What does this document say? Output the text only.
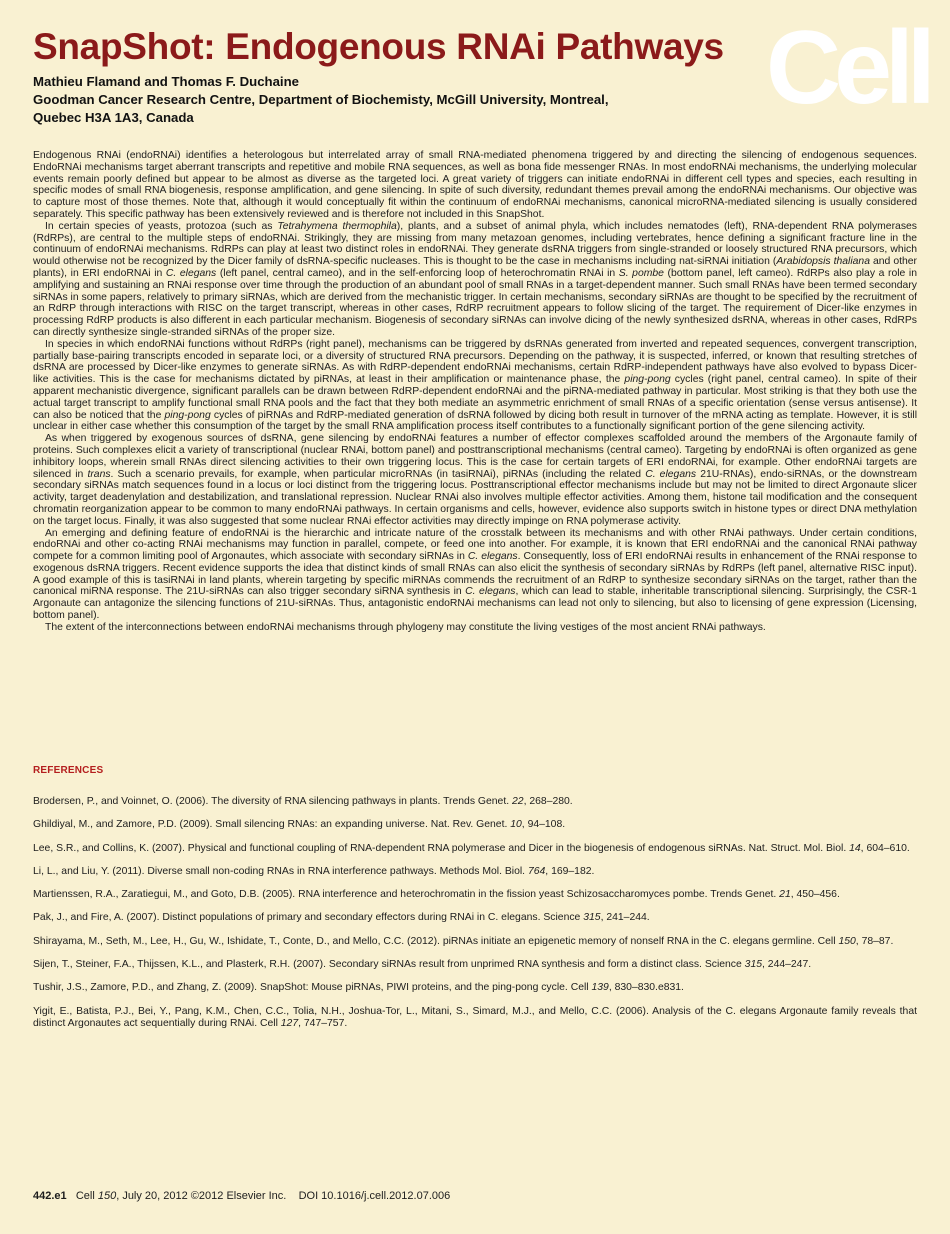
Cell
SnapShot: Endogenous RNAi Pathways
Mathieu Flamand and Thomas F. Duchaine
Goodman Cancer Research Centre, Department of Biochemisty, McGill University, Montreal,
Quebec H3A 1A3, Canada

Endogenous RNAi (endoRNAi) identifies a heterologous but interrelated array of small RNA-mediated phenomena triggered by and directing the silencing of endogenous sequences. EndoRNAi mechanisms target aberrant transcripts and repetitive and mobile RNA sequences, as well as bona fide messenger RNAs. In most endoRNAi mechanisms, the underlying molecular events remain poorly defined but appear to be almost as diverse as the targeted loci. A great variety of triggers can initiate endoRNAi in different cell types and species, each resulting in specific modes of small RNA biogenesis, response amplification, and gene silencing. In spite of such diversity, redundant themes prevail among the endoRNAi mechanisms. Our objective was to capture most of those themes. Note that, although it would conceptually fit within the continuum of endoRNAi mechanisms, canonical microRNA-mediated silencing is usually considered separately. This specific pathway has been extensively reviewed and is therefore not included in this SnapShot.

In certain species of yeasts, protozoa (such as Tetrahymena thermophila), plants, and a subset of animal phyla, which includes nematodes (left), RNA-dependent RNA polymerases (RdRPs), are central to the multiple steps of endoRNAi. Strikingly, they are missing from many metazoan genomes, including vertebrates, hence defining a significant fracture line in the continuum of endoRNAi mechanisms. RdRPs can play at least two distinct roles in endoRNAi. They generate dsRNA triggers from single-stranded or loosely structured RNA precursors, which would otherwise not be recognized by the Dicer family of dsRNA-specific nucleases. This is thought to be the case in mechanisms including nat-siRNAi initiation (Arabidopsis thaliana and other plants), in ERI endoRNAi in C. elegans (left panel, central cameo), and in the self-enforcing loop of heterochromatin RNAi in S. pombe (bottom panel, left cameo). RdRPs also play a role in amplifying and sustaining an RNAi response over time through the production of an abundant pool of small RNAs in a target-dependent manner. Such small RNAs have been termed secondary siRNAs in some papers, relatively to primary siRNAs, which are derived from the mechanistic trigger. In certain mechanisms, secondary siRNAs are thought to be specified by the recruitment of an RdRP through interactions with RISC on the target transcript, whereas in other cases, RdRP recruitment appears to follow slicing of the target. The requirement of Dicer-like enzymes in processing RdRP products is also different in each particular mechanism. Biogenesis of secondary siRNAs can involve dicing of the newly synthesized dsRNA, whereas in other cases, RdRPs can directly synthesize single-stranded siRNAs of the proper size.

In species in which endoRNAi functions without RdRPs (right panel), mechanisms can be triggered by dsRNAs generated from inverted and repeated sequences, convergent transcription, partially base-pairing transcripts encoded in separate loci, or a diversity of structured RNA precursors. Depending on the pathway, it is suspected, inferred, or known that resulting stretches of dsRNA are processed by Dicer-like enzymes to generate siRNAs. As with RdRP-dependent endoRNAi mechanisms, certain RdRP-independent pathways have also evolved to bypass Dicer-like activities. This is the case for mechanisms dictated by piRNAs, at least in their amplification or maintenance phase, the ping-pong cycles (right panel, central cameo). In spite of their apparent mechanistic divergence, significant parallels can be drawn between RdRP-dependent endoRNAi and the piRNA-mediated pathway in particular. Most striking is that they both use the actual target transcript to amplify functional small RNA pools and the fact that they both mediate an asymmetric enrichment of small RNAs of a specific orientation (sense versus antisense). It can also be noticed that the ping-pong cycles of piRNAs and RdRP-mediated generation of dsRNA followed by dicing both result in turnover of the mRNA acting as template. However, it is still unclear in either case whether this consumption of the target by the small RNA amplification process itself contributes to a functionally significant portion of the gene silencing activity.

As when triggered by exogenous sources of dsRNA, gene silencing by endoRNAi features a number of effector complexes scaffolded around the members of the Argonaute family of proteins. Such complexes elicit a variety of transcriptional (nuclear RNAi, bottom panel) and posttranscriptional mechanisms (central cameo). Targeting by endoRNAi is often organized as gene inhibitory loops, wherein small RNAs direct silencing activities to their own triggering locus. This is the case for certain targets of ERI endoRNAi, for example. Other endoRNAi targets are silenced in trans. Such a scenario prevails, for example, when particular microRNAs (in tasiRNAi), piRNAs (including the related C. elegans 21U-RNAs), endo-siRNAs, or the downstream secondary siRNAs match sequences found in a locus or loci distinct from the triggering locus. Posttranscriptional effector mechanisms include but may not be limited to direct Argonaute slicer activity, target deadenylation and destabilization, and translational repression. Nuclear RNAi also involves multiple effector activities. Among them, histone tail modification and the consequent chromatin reorganization appear to be common to many endoRNAi pathways. In certain organisms and cells, however, evidence also supports switch in histone types or direct DNA methylation on the target locus. Finally, it was also suggested that some nuclear RNAi effector activities may directly impinge on RNA polymerase activity.

An emerging and defining feature of endoRNAi is the hierarchic and intricate nature of the crosstalk between its mechanisms and with other RNAi pathways. Under certain conditions, endoRNAi and other co-acting RNAi mechanisms may function in parallel, compete, or feed one into another. For example, it is known that ERI endoRNAi and the canonical RNAi pathway compete for a common limiting pool of Argonautes, which associate with secondary siRNAs in C. elegans. Consequently, loss of ERI endoRNAi results in enhancement of the RNAi response to exogenous dsRNA triggers. Recent evidence supports the idea that distinct kinds of small RNAs can also elicit the synthesis of secondary siRNAs by RdRPs (left panel, alternative RISC input). A good example of this is tasiRNAi in land plants, wherein targeting by specific miRNAs commends the recruitment of an RdRP to synthesize secondary siRNAs on the target, rather than the canonical miRNA response. The 21U-siRNAs can also trigger secondary siRNA synthesis in C. elegans, which can lead to stable, inheritable transcriptional silencing. Surprisingly, the CSR-1 Argonaute can antagonize the silencing functions of 21U-siRNAs. Thus, antagonistic endoRNAi mechanisms can lead not only to silencing, but also to licensing of gene expression (Licensing, bottom panel).

The extent of the interconnections between endoRNAi mechanisms through phylogeny may constitute the living vestiges of the most ancient RNAi pathways.

REFERENCES
Brodersen, P., and Voinnet, O. (2006). The diversity of RNA silencing pathways in plants. Trends Genet. 22, 268–280.
Ghildiyal, M., and Zamore, P.D. (2009). Small silencing RNAs: an expanding universe. Nat. Rev. Genet. 10, 94–108.
Lee, S.R., and Collins, K. (2007). Physical and functional coupling of RNA-dependent RNA polymerase and Dicer in the biogenesis of endogenous siRNAs. Nat. Struct. Mol. Biol. 14, 604–610.
Li, L., and Liu, Y. (2011). Diverse small non-coding RNAs in RNA interference pathways. Methods Mol. Biol. 764, 169–182.
Martienssen, R.A., Zaratiegui, M., and Goto, D.B. (2005). RNA interference and heterochromatin in the fission yeast Schizosaccharomyces pombe. Trends Genet. 21, 450–456.
Pak, J., and Fire, A. (2007). Distinct populations of primary and secondary effectors during RNAi in C. elegans. Science 315, 241–244.
Shirayama, M., Seth, M., Lee, H., Gu, W., Ishidate, T., Conte, D., and Mello, C.C. (2012). piRNAs initiate an epigenetic memory of nonself RNA in the C. elegans germline. Cell 150, 78–87.
Sijen, T., Steiner, F.A., Thijssen, K.L., and Plasterk, R.H. (2007). Secondary siRNAs result from unprimed RNA synthesis and form a distinct class. Science 315, 244–247.
Tushir, J.S., Zamore, P.D., and Zhang, Z. (2009). SnapShot: Mouse piRNAs, PIWI proteins, and the ping-pong cycle. Cell 139, 830–830.e831.
Yigit, E., Batista, P.J., Bei, Y., Pang, K.M., Chen, C.C., Tolia, N.H., Joshua-Tor, L., Mitani, S., Simard, M.J., and Mello, C.C. (2006). Analysis of the C. elegans Argonaute family reveals that distinct Argonautes act sequentially during RNAi. Cell 127, 747–757.
442.e1 Cell 150, July 20, 2012 ©2012 Elsevier Inc.    DOI 10.1016/j.cell.2012.07.006
